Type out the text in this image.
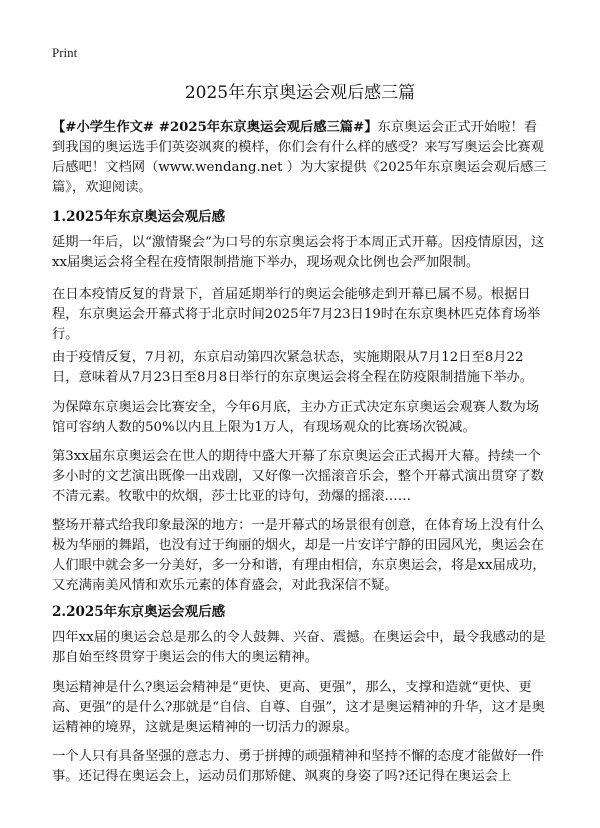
Print
2025年东京奥运会观后感三篇

【#小学生作文# #2025年东京奥运会观后感三篇#】东京奥运会正式开始啦！看到我国的奥运选手们英姿飒爽的模样，你们会有什么样的感受？来写写奥运会比赛观后感吧！文档网（www.wendang.net ）为大家提供《2025年东京奥运会观后感三篇》，欢迎阅读。

1.2025年东京奥运会观后感

延期一年后，以“激情聚会”为口号的东京奥运会将于本周正式开幕。因疫情原因，这xx届奥运会将全程在疫情限制措施下举办，现场观众比例也会严加限制。

在日本疫情反复的背景下，首届延期举行的奥运会能够走到开幕已属不易。根据日程，东京奥运会开幕式将于北京时间2025年7月23日19时在东京奥林匹克体育场举行。

由于疫情反复，7月初，东京启动第四次紧急状态，实施期限从7月12日至8月22日，意味着从7月23日至8月8日举行的东京奥运会将全程在防疫限制措施下举办。

为保障东京奥运会比赛安全，今年6月底，主办方正式决定东京奥运会观赛人数为场馆可容纳人数的50%以内且上限为1万人，有现场观众的比赛场次锐减。

第3xx届东京奥运会在世人的期待中盛大开幕了东京奥运会正式揭开大幕。持续一个多小时的文艺演出既像一出戏剧，又好像一次摇滚音乐会，整个开幕式演出贯穿了数不清元素。牧歌中的炊烟，莎士比亚的诗句，劲爆的摇滚……

整场开幕式给我印象最深的地方：一是开幕式的场景很有创意，在体育场上没有什么极为华丽的舞蹈，也没有过于绚丽的烟火，却是一片安详宁静的田园风光，奥运会在人们眼中就会多一分美好，多一分和谐，有理由相信，东京奥运会，将是xx届成功，又充满南美风情和欢乐元素的体育盛会，对此我深信不疑。

2.2025年东京奥运会观后感

四年xx届的奥运会总是那么的令人鼓舞、兴奋、震撼。在奥运会中，最令我感动的是那自始至终贯穿于奥运会的伟大的奥运精神。

奥运精神是什么?奥运会精神是“更快、更高、更强”，那么，支撑和造就“更快、更高、更强”的是什么?那就是“自信、自尊、自强”，这才是奥运精神的升华，这才是奥运精神的境界，这就是奥运精神的一切活力的源泉。

一个人只有具备坚强的意志力、勇于拼搏的顽强精神和坚持不懈的态度才能做好一件事。还记得在奥运会上，运动员们那矫健、飒爽的身姿了吗?还记得在奥运会上
